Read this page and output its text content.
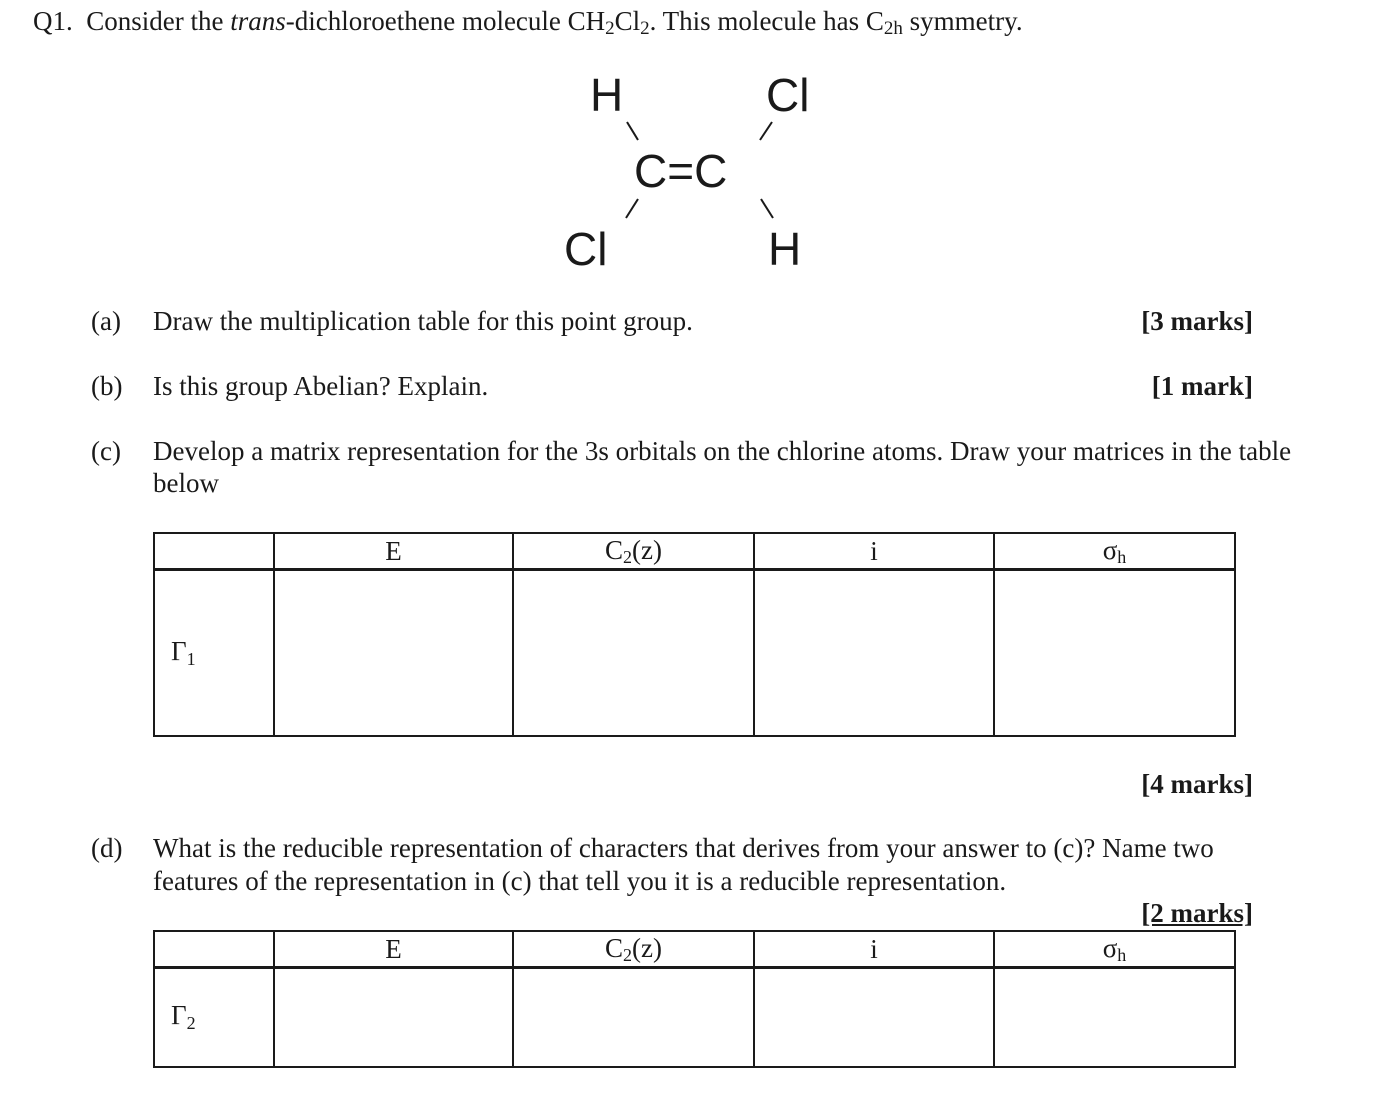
Q1. Consider the trans-dichloroethene molecule $CH_2Cl_2$. This molecule has $C_{2h}$ symmetry.
H	Cl
C=C
Cl	H
(a) Draw the multiplication table for this point group.	[3 marks]
(b) Is this group Abelian? Explain.	[1 mark]
(c) Develop a matrix representation for the 3s orbitals on the chlorine atoms. Draw your matrices in the table
below
	E	C2(z)	i	σh
Γ1				
[4 marks]
(d) What is the reducible representation of characters that derives from your answer to (c)? Name two
features of the representation in (c) that tell you it is a reducible representation.
[2 marks]
	E	C2(z)	i	σh
Γ2				
